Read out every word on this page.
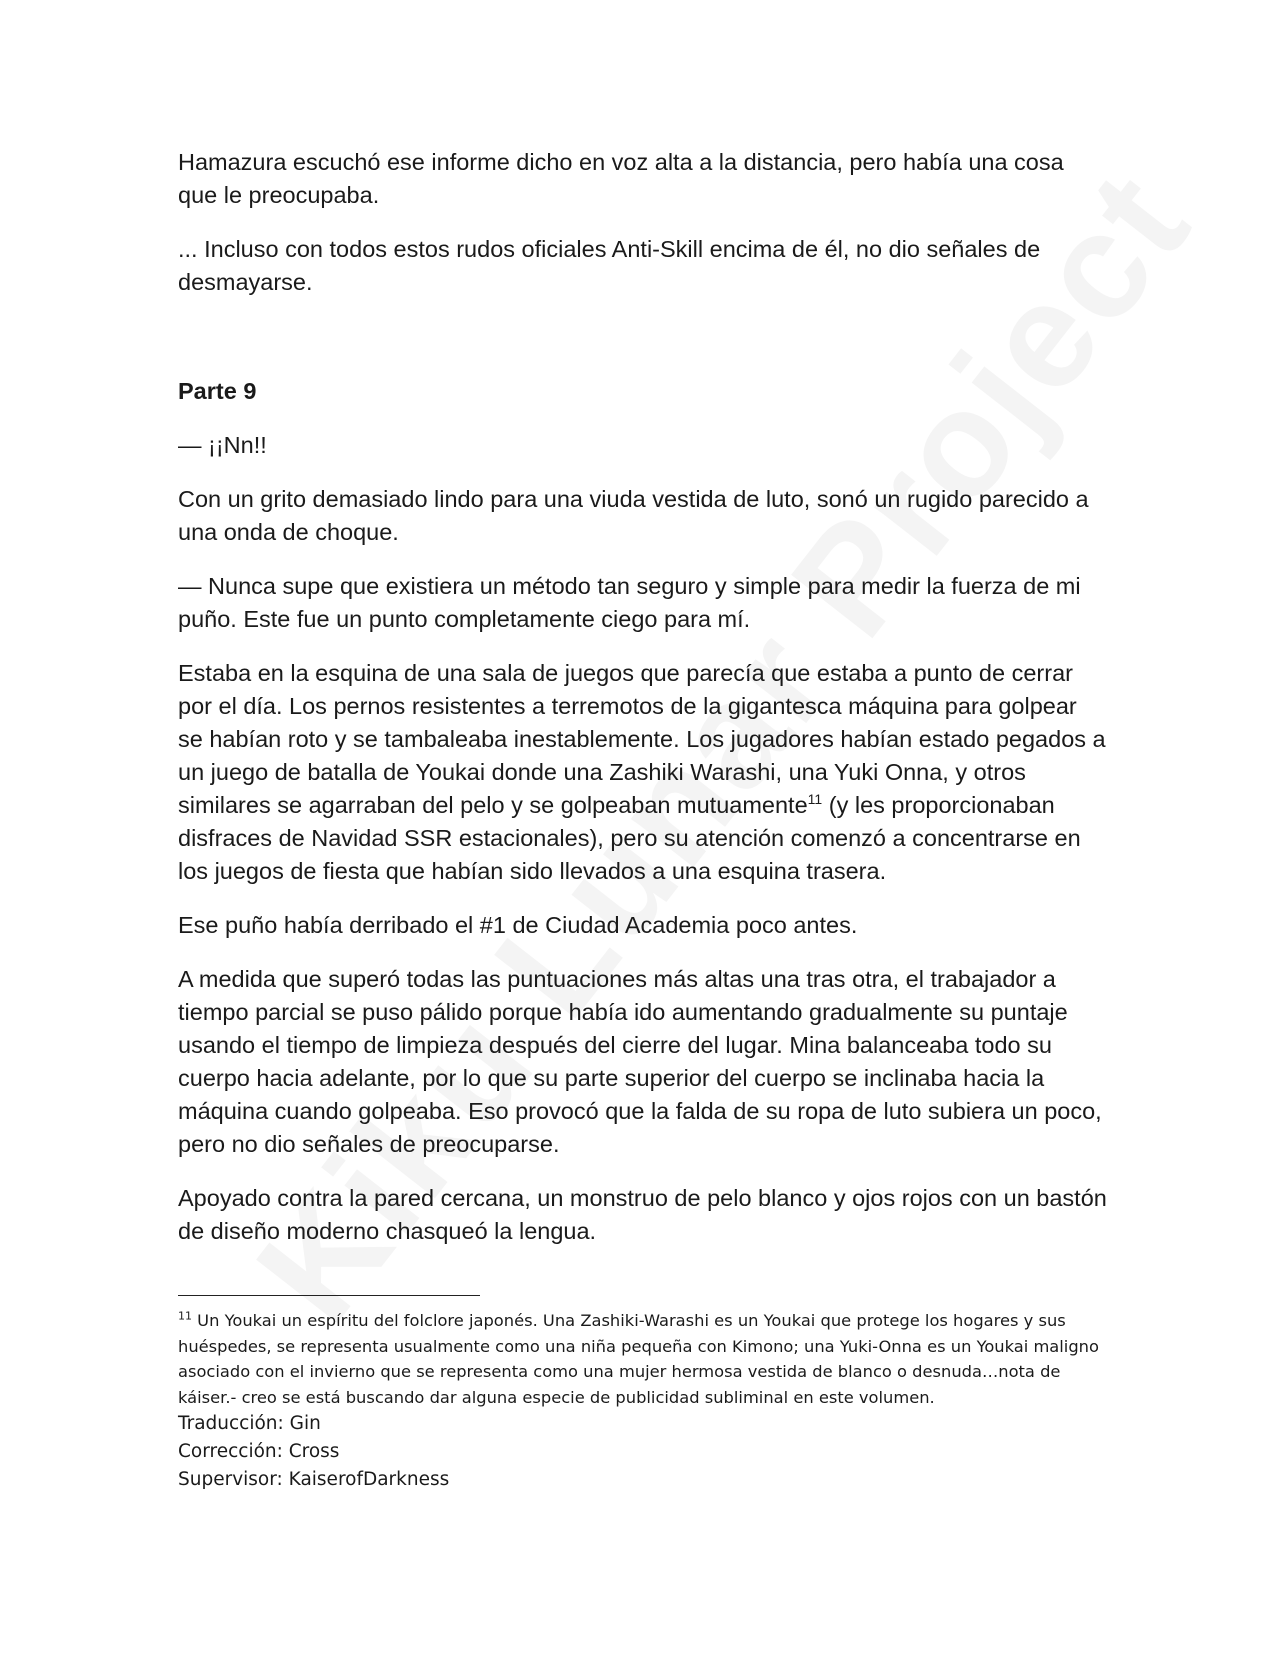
Hamazura escuchó ese informe dicho en voz alta a la distancia, pero había una cosa que le preocupaba.

... Incluso con todos estos rudos oficiales Anti-Skill encima de él, no dio señales de desmayarse.

Parte 9

— ¡¡Nn!!

Con un grito demasiado lindo para una viuda vestida de luto, sonó un rugido parecido a una onda de choque.

— Nunca supe que existiera un método tan seguro y simple para medir la fuerza de mi puño. Este fue un punto completamente ciego para mí.

Estaba en la esquina de una sala de juegos que parecía que estaba a punto de cerrar por el día. Los pernos resistentes a terremotos de la gigantesca máquina para golpear se habían roto y se tambaleaba inestablemente. Los jugadores habían estado pegados a un juego de batalla de Youkai donde una Zashiki Warashi, una Yuki Onna, y otros similares se agarraban del pelo y se golpeaban mutuamente$^{11}$ (y les proporcionaban disfraces de Navidad SSR estacionales), pero su atención comenzó a concentrarse en los juegos de fiesta que habían sido llevados a una esquina trasera.

Ese puño había derribado el #1 de Ciudad Academia poco antes.

A medida que superó todas las puntuaciones más altas una tras otra, el trabajador a tiempo parcial se puso pálido porque había ido aumentando gradualmente su puntaje usando el tiempo de limpieza después del cierre del lugar. Mina balanceaba todo su cuerpo hacia adelante, por lo que su parte superior del cuerpo se inclinaba hacia la máquina cuando golpeaba. Eso provocó que la falda de su ropa de luto subiera un poco, pero no dio señales de preocuparse.

Apoyado contra la pared cercana, un monstruo de pelo blanco y ojos rojos con un bastón de diseño moderno chasqueó la lengua.

$^{11}$ Un Youkai un espíritu del folclore japonés. Una Zashiki-Warashi es un Youkai que protege los hogares y sus huéspedes, se representa usualmente como una niña pequeña con Kimono; una Yuki-Onna es un Youkai maligno asociado con el invierno que se representa como una mujer hermosa vestida de blanco o desnuda…nota de káiser.- creo se está buscando dar alguna especie de publicidad subliminal en este volumen.

Traducción: Gin

Corrección: Cross

Supervisor: KaiserofDarkness
